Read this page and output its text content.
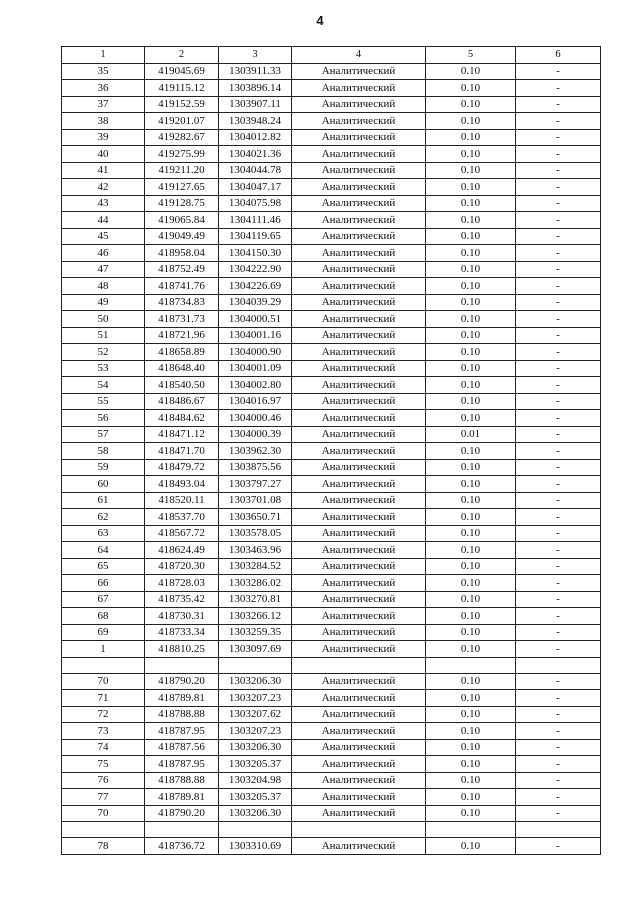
4
1	2	3	4	5	6
35	419045.69	1303911.33	Аналитический	0.10	-
36	419115.12	1303896.14	Аналитический	0.10	-
37	419152.59	1303907.11	Аналитический	0.10	-
38	419201.07	1303948.24	Аналитический	0.10	-
39	419282.67	1304012.82	Аналитический	0.10	-
40	419275.99	1304021.36	Аналитический	0.10	-
41	419211.20	1304044.78	Аналитический	0.10	-
42	419127.65	1304047.17	Аналитический	0.10	-
43	419128.75	1304075.98	Аналитический	0.10	-
44	419065.84	1304111.46	Аналитический	0.10	-
45	419049.49	1304119.65	Аналитический	0.10	-
46	418958.04	1304150.30	Аналитический	0.10	-
47	418752.49	1304222.90	Аналитический	0.10	-
48	418741.76	1304226.69	Аналитический	0.10	-
49	418734.83	1304039.29	Аналитический	0.10	-
50	418731.73	1304000.51	Аналитический	0.10	-
51	418721.96	1304001.16	Аналитический	0.10	-
52	418658.89	1304000.90	Аналитический	0.10	-
53	418648.40	1304001.09	Аналитический	0.10	-
54	418540.50	1304002.80	Аналитический	0.10	-
55	418486.67	1304016.97	Аналитический	0.10	-
56	418484.62	1304000.46	Аналитический	0.10	-
57	418471.12	1304000.39	Аналитический	0.01	-
58	418471.70	1303962.30	Аналитический	0.10	-
59	418479.72	1303875.56	Аналитический	0.10	-
60	418493.04	1303797.27	Аналитический	0.10	-
61	418520.11	1303701.08	Аналитический	0.10	-
62	418537.70	1303650.71	Аналитический	0.10	-
63	418567.72	1303578.05	Аналитический	0.10	-
64	418624.49	1303463.96	Аналитический	0.10	-
65	418720.30	1303284.52	Аналитический	0.10	-
66	418728.03	1303286.02	Аналитический	0.10	-
67	418735.42	1303270.81	Аналитический	0.10	-
68	418730.31	1303266.12	Аналитический	0.10	-
69	418733.34	1303259.35	Аналитический	0.10	-
1	418810.25	1303097.69	Аналитический	0.10	-

70	418790.20	1303206.30	Аналитический	0.10	-
71	418789.81	1303207.23	Аналитический	0.10	-
72	418788.88	1303207.62	Аналитический	0.10	-
73	418787.95	1303207.23	Аналитический	0.10	-
74	418787.56	1303206.30	Аналитический	0.10	-
75	418787.95	1303205.37	Аналитический	0.10	-
76	418788.88	1303204.98	Аналитический	0.10	-
77	418789.81	1303205.37	Аналитический	0.10	-
70	418790.20	1303206.30	Аналитический	0.10	-

78	418736.72	1303310.69	Аналитический	0.10	-
